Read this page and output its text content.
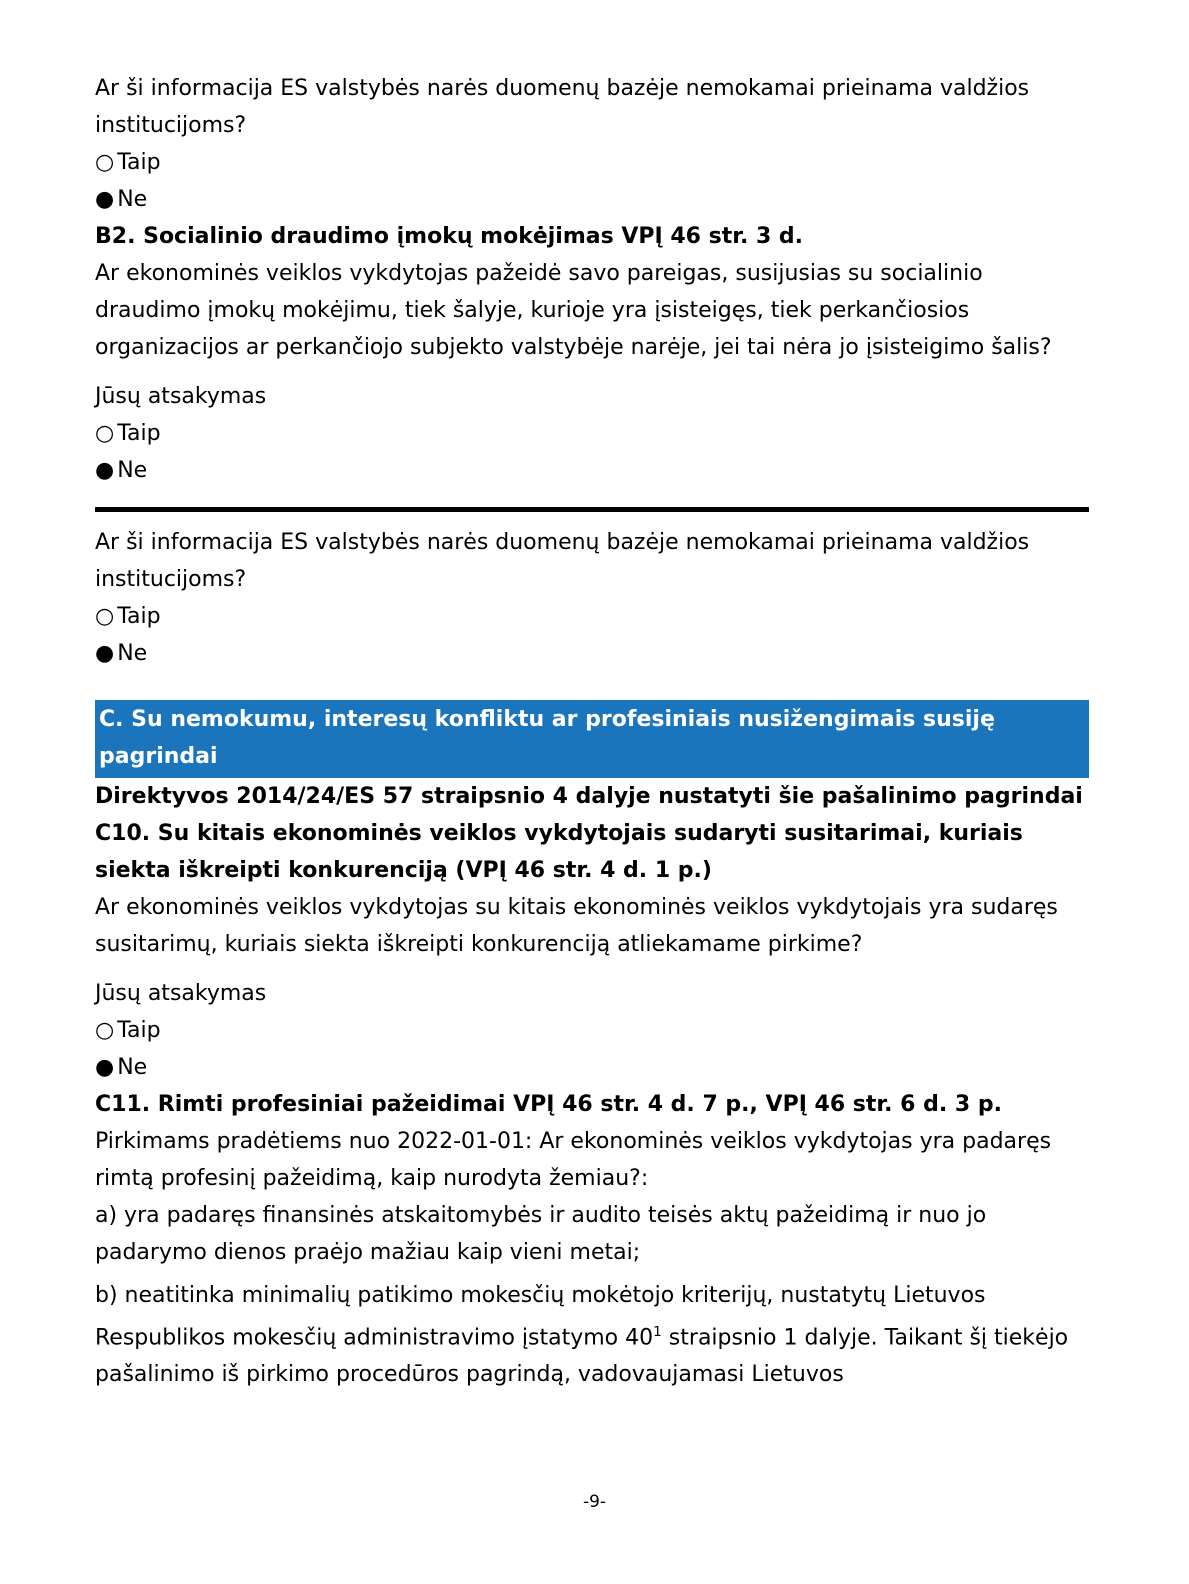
Ar ši informacija ES valstybės narės duomenų bazėje nemokamai prieinama valdžios institucijoms?

○ Taip
● Ne

B2. Socialinio draudimo įmokų mokėjimas VPĮ 46 str. 3 d.

Ar ekonominės veiklos vykdytojas pažeidė savo pareigas, susijusias su socialinio draudimo įmokų mokėjimu, tiek šalyje, kurioje yra įsisteigęs, tiek perkančiosios organizacijos ar perkančiojo subjekto valstybėje narėje, jei tai nėra jo įsisteigimo šalis?

Jūsų atsakymas

○ Taip
● Ne

Ar ši informacija ES valstybės narės duomenų bazėje nemokamai prieinama valdžios institucijoms?

○ Taip
● Ne
C. Su nemokumu, interesų konfliktu ar profesiniais nusižengimais susiję pagrindai

Direktyvos 2014/24/ES 57 straipsnio 4 dalyje nustatyti šie pašalinimo pagrindai

C10. Su kitais ekonominės veiklos vykdytojais sudaryti susitarimai, kuriais siekta iškreipti konkurenciją (VPĮ 46 str. 4 d. 1 p.)

Ar ekonominės veiklos vykdytojas su kitais ekonominės veiklos vykdytojais yra sudaręs susitarimų, kuriais siekta iškreipti konkurenciją atliekamame pirkime?

Jūsų atsakymas

○ Taip
● Ne

C11. Rimti profesiniai pažeidimai VPĮ 46 str. 4 d. 7 p., VPĮ 46 str. 6 d. 3 p.

Pirkimams pradėtiems nuo 2022-01-01: Ar ekonominės veiklos vykdytojas yra padaręs rimtą profesinį pažeidimą, kaip nurodyta žemiau?:

a) yra padaręs finansinės atskaitomybės ir audito teisės aktų pažeidimą ir nuo jo padarymo dienos praėjo mažiau kaip vieni metai;

b) neatitinka minimalių patikimo mokesčių mokėtojo kriterijų, nustatytų Lietuvos Respublikos mokesčių administravimo įstatymo 40$^1$ straipsnio 1 dalyje. Taikant šį tiekėjo pašalinimo iš pirkimo procedūros pagrindą, vadovaujamasi Lietuvos

-9-
